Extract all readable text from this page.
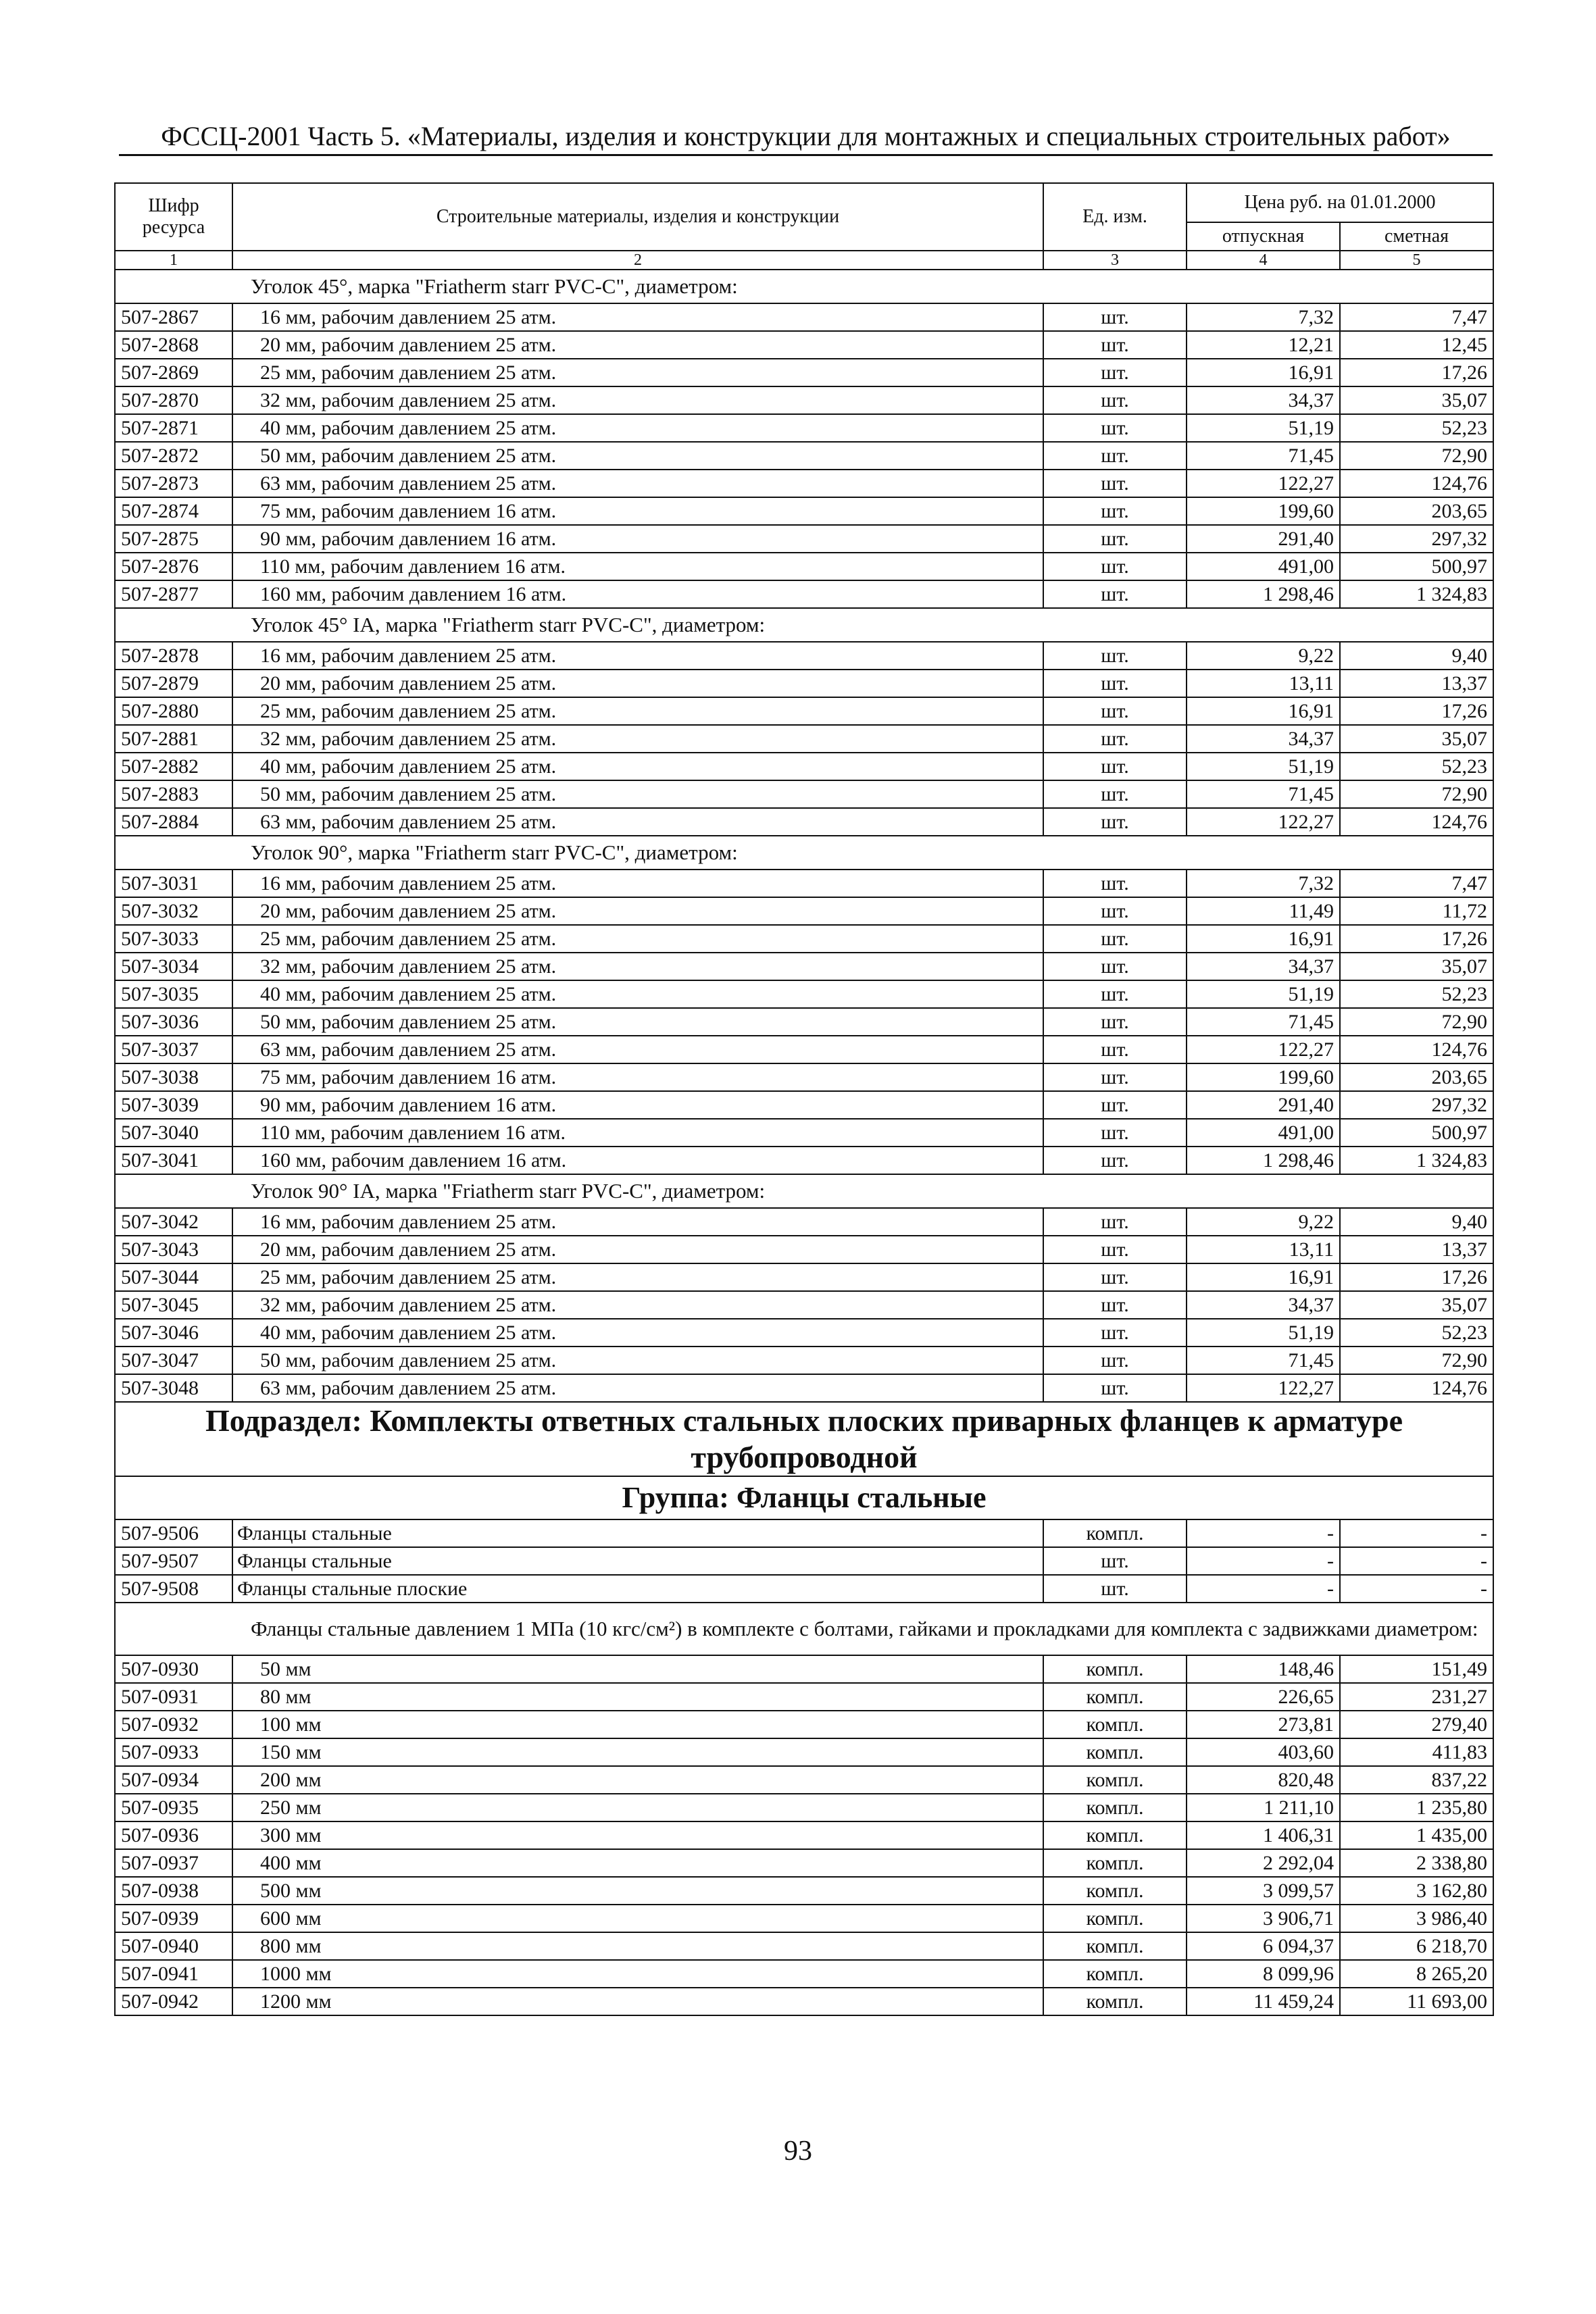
ФССЦ-2001 Часть 5. «Материалы, изделия и конструкции для монтажных и специальных строительных работ»
Шифр ресурса	Строительные материалы, изделия и конструкции	Ед. изм.	Цена руб. на 01.01.2000	
			отпускная	сметная
1	2	3	4	5
Уголок 45°, марка "Friatherm starr PVC-C", диаметром:				
507-2867	16 мм, рабочим давлением 25 атм.	шт.	7,32	7,47
507-2868	20 мм, рабочим давлением 25 атм.	шт.	12,21	12,45
507-2869	25 мм, рабочим давлением 25 атм.	шт.	16,91	17,26
507-2870	32 мм, рабочим давлением 25 атм.	шт.	34,37	35,07
507-2871	40 мм, рабочим давлением 25 атм.	шт.	51,19	52,23
507-2872	50 мм, рабочим давлением 25 атм.	шт.	71,45	72,90
507-2873	63 мм, рабочим давлением 25 атм.	шт.	122,27	124,76
507-2874	75 мм, рабочим давлением 16 атм.	шт.	199,60	203,65
507-2875	90 мм, рабочим давлением 16 атм.	шт.	291,40	297,32
507-2876	110 мм, рабочим давлением 16 атм.	шт.	491,00	500,97
507-2877	160 мм, рабочим давлением 16 атм.	шт.	1 298,46	1 324,83
Уголок 45° IA, марка "Friatherm starr PVC-C", диаметром:				
507-2878	16 мм, рабочим давлением 25 атм.	шт.	9,22	9,40
507-2879	20 мм, рабочим давлением 25 атм.	шт.	13,11	13,37
507-2880	25 мм, рабочим давлением 25 атм.	шт.	16,91	17,26
507-2881	32 мм, рабочим давлением 25 атм.	шт.	34,37	35,07
507-2882	40 мм, рабочим давлением 25 атм.	шт.	51,19	52,23
507-2883	50 мм, рабочим давлением 25 атм.	шт.	71,45	72,90
507-2884	63 мм, рабочим давлением 25 атм.	шт.	122,27	124,76
Уголок 90°, марка "Friatherm starr PVC-C", диаметром:				
507-3031	16 мм, рабочим давлением 25 атм.	шт.	7,32	7,47
507-3032	20 мм, рабочим давлением 25 атм.	шт.	11,49	11,72
507-3033	25 мм, рабочим давлением 25 атм.	шт.	16,91	17,26
507-3034	32 мм, рабочим давлением 25 атм.	шт.	34,37	35,07
507-3035	40 мм, рабочим давлением 25 атм.	шт.	51,19	52,23
507-3036	50 мм, рабочим давлением 25 атм.	шт.	71,45	72,90
507-3037	63 мм, рабочим давлением 25 атм.	шт.	122,27	124,76
507-3038	75 мм, рабочим давлением 16 атм.	шт.	199,60	203,65
507-3039	90 мм, рабочим давлением 16 атм.	шт.	291,40	297,32
507-3040	110 мм, рабочим давлением 16 атм.	шт.	491,00	500,97
507-3041	160 мм, рабочим давлением 16 атм.	шт.	1 298,46	1 324,83
Уголок 90° IA, марка "Friatherm starr PVC-C", диаметром:				
507-3042	16 мм, рабочим давлением 25 атм.	шт.	9,22	9,40
507-3043	20 мм, рабочим давлением 25 атм.	шт.	13,11	13,37
507-3044	25 мм, рабочим давлением 25 атм.	шт.	16,91	17,26
507-3045	32 мм, рабочим давлением 25 атм.	шт.	34,37	35,07
507-3046	40 мм, рабочим давлением 25 атм.	шт.	51,19	52,23
507-3047	50 мм, рабочим давлением 25 атм.	шт.	71,45	72,90
507-3048	63 мм, рабочим давлением 25 атм.	шт.	122,27	124,76
Подраздел: Комплекты ответных стальных плоских приварных фланцев к арматуре трубопроводной				
Группа: Фланцы стальные				
507-9506	Фланцы стальные	компл.	-	-
507-9507	Фланцы стальные	шт.	-	-
507-9508	Фланцы стальные плоские	шт.	-	-
Фланцы стальные давлением 1 МПа (10 кгс/см²) в комплекте с болтами, гайками и прокладками для комплекта с задвижками диаметром:				
507-0930	50 мм	компл.	148,46	151,49
507-0931	80 мм	компл.	226,65	231,27
507-0932	100 мм	компл.	273,81	279,40
507-0933	150 мм	компл.	403,60	411,83
507-0934	200 мм	компл.	820,48	837,22
507-0935	250 мм	компл.	1 211,10	1 235,80
507-0936	300 мм	компл.	1 406,31	1 435,00
507-0937	400 мм	компл.	2 292,04	2 338,80
507-0938	500 мм	компл.	3 099,57	3 162,80
507-0939	600 мм	компл.	3 906,71	3 986,40
507-0940	800 мм	компл.	6 094,37	6 218,70
507-0941	1000 мм	компл.	8 099,96	8 265,20
507-0942	1200 мм	компл.	11 459,24	11 693,00
93
